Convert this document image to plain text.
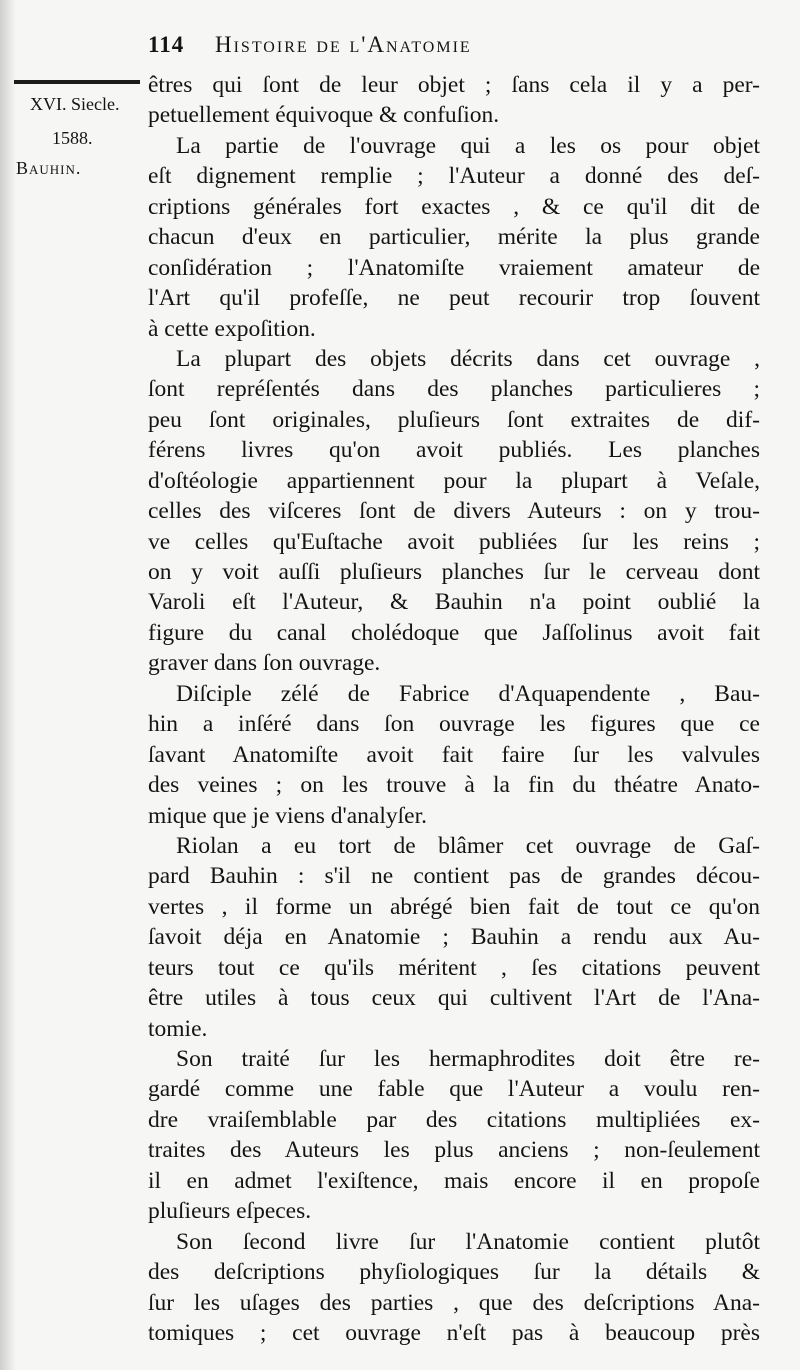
114 Histoire de l'Anatomie
XVI. Siecle.
1588.
Bauhin.
êtres qui ſont de leur objet ; ſans cela il y a per-
petuellement équivoque & confuſion.
La partie de l'ouvrage qui a les os pour objet
eſt dignement remplie ; l'Auteur a donné des deſ-
criptions générales fort exactes , & ce qu'il dit de
chacun d'eux en particulier, mérite la plus grande
conſidération ; l'Anatomiſte vraiement amateur de
l'Art qu'il profeſſe, ne peut recourir trop ſouvent
à cette expoſition.
La plupart des objets décrits dans cet ouvrage ,
ſont repréſentés dans des planches particulieres ;
peu ſont originales, pluſieurs ſont extraites de dif-
férens livres qu'on avoit publiés. Les planches
d'oſtéologie appartiennent pour la plupart à Veſale,
celles des viſceres ſont de divers Auteurs : on y trou-
ve celles qu'Euſtache avoit publiées ſur les reins ;
on y voit auſſi pluſieurs planches ſur le cerveau dont
Varoli eſt l'Auteur, & Bauhin n'a point oublié la
figure du canal cholédoque que Jaſſolinus avoit fait
graver dans ſon ouvrage.
Diſciple zélé de Fabrice d'Aquapendente , Bau-
hin a inſéré dans ſon ouvrage les figures que ce
ſavant Anatomiſte avoit fait faire ſur les valvules
des veines ; on les trouve à la fin du théatre Anato-
mique que je viens d'analyſer.
Riolan a eu tort de blâmer cet ouvrage de Gaſ-
pard Bauhin : s'il ne contient pas de grandes décou-
vertes , il forme un abrégé bien fait de tout ce qu'on
ſavoit déja en Anatomie ; Bauhin a rendu aux Au-
teurs tout ce qu'ils méritent , ſes citations peuvent
être utiles à tous ceux qui cultivent l'Art de l'Ana-
tomie.
Son traité ſur les hermaphrodites doit être re-
gardé comme une fable que l'Auteur a voulu ren-
dre vraiſemblable par des citations multipliées ex-
traites des Auteurs les plus anciens ; non-ſeulement
il en admet l'exiſtence, mais encore il en propoſe
pluſieurs eſpeces.
Son ſecond livre ſur l'Anatomie contient plutôt
des deſcriptions phyſiologiques ſur la détails &
ſur les uſages des parties , que des deſcriptions Ana-
tomiques ; cet ouvrage n'eſt pas à beaucoup près
